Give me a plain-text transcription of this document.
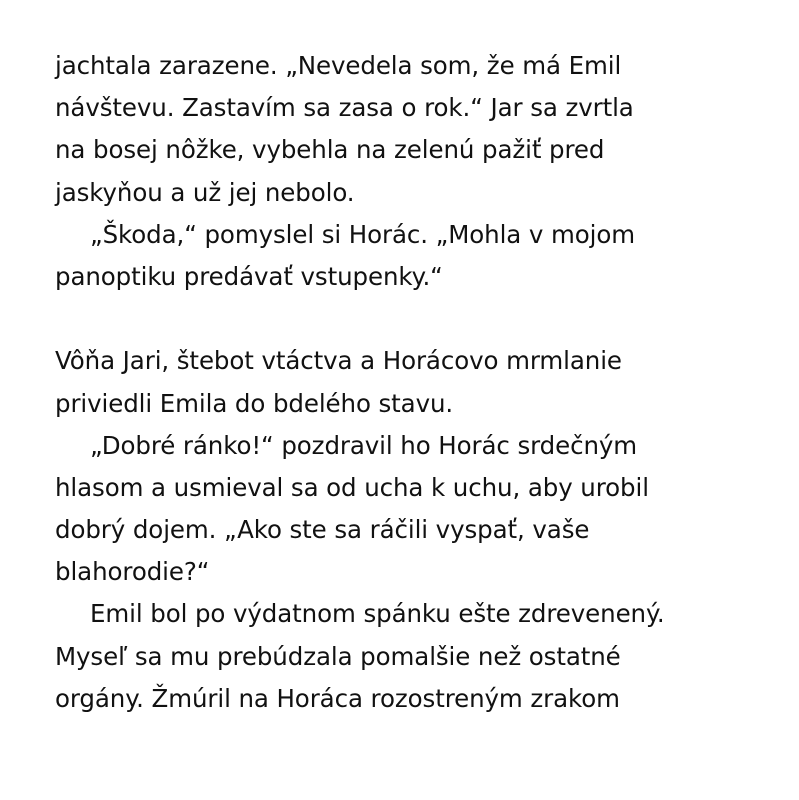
jachtala zarazene. „Nevedela som, že má Emil
návštevu. Zastavím sa zasa o rok.“ Jar sa zvrtla
na bosej nôžke, vybehla na zelenú pažiť pred
jaskyňou a už jej nebolo.
„Škoda,“ pomyslel si Horác. „Mohla v mojom
panoptiku predávať vstupenky.“
Vôňa Jari, štebot vtáctva a Horácovo mrmlanie
priviedli Emila do bdelého stavu.
„Dobré ránko!“ pozdravil ho Horác srdečným
hlasom a usmieval sa od ucha k uchu, aby urobil
dobrý dojem. „Ako ste sa ráčili vyspať, vaše
blahorodie?“
Emil bol po výdatnom spánku ešte zdrevenený.
Myseľ sa mu prebúdzala pomalšie než ostatné
orgány. Žmúril na Horáca rozostreným zrakom
